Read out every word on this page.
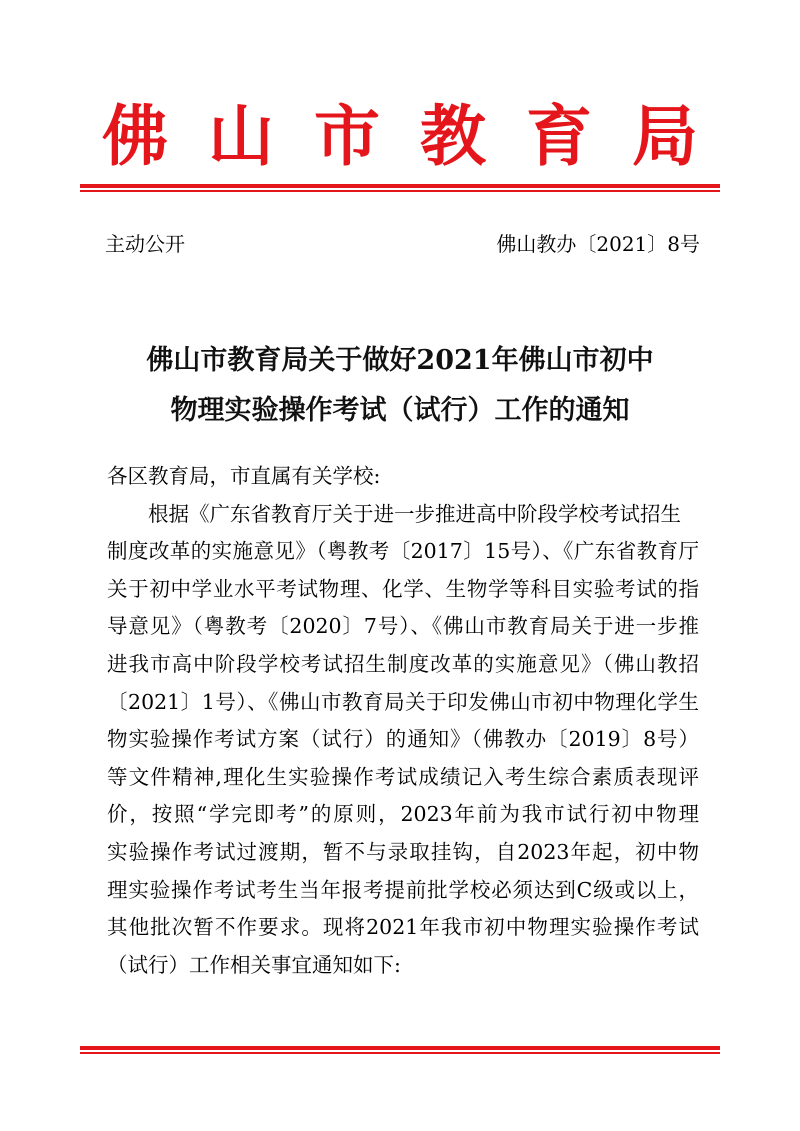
佛 山 市 教 育 局
主动公开	佛山教办〔2021〕8号
佛山市教育局关于做好2021年佛山市初中
物理实验操作考试（试行）工作的通知
各区教育局，市直属有关学校:
根据《广东省教育厅关于进一步推进高中阶段学校考试招生
制度改革的实施意见》（粤教考〔2017〕15号）、《广东省教育厅
关于初中学业水平考试物理、化学、生物学等科目实验考试的指
导意见》（粤教考〔2020〕7号）、《佛山市教育局关于进一步推
进我市高中阶段学校考试招生制度改革的实施意见》（佛山教招
〔2021〕1号）、《佛山市教育局关于印发佛山市初中物理化学生
物实验操作考试方案（试行）的通知》（佛教办〔2019〕8号）
等文件精神,理化生实验操作考试成绩记入考生综合素质表现评
价，按照“学完即考”的原则，2023年前为我市试行初中物理
实验操作考试过渡期，暂不与录取挂钩，自2023年起，初中物
理实验操作考试考生当年报考提前批学校必须达到C级或以上，
其他批次暂不作要求。现将2021年我市初中物理实验操作考试
（试行）工作相关事宜通知如下:
